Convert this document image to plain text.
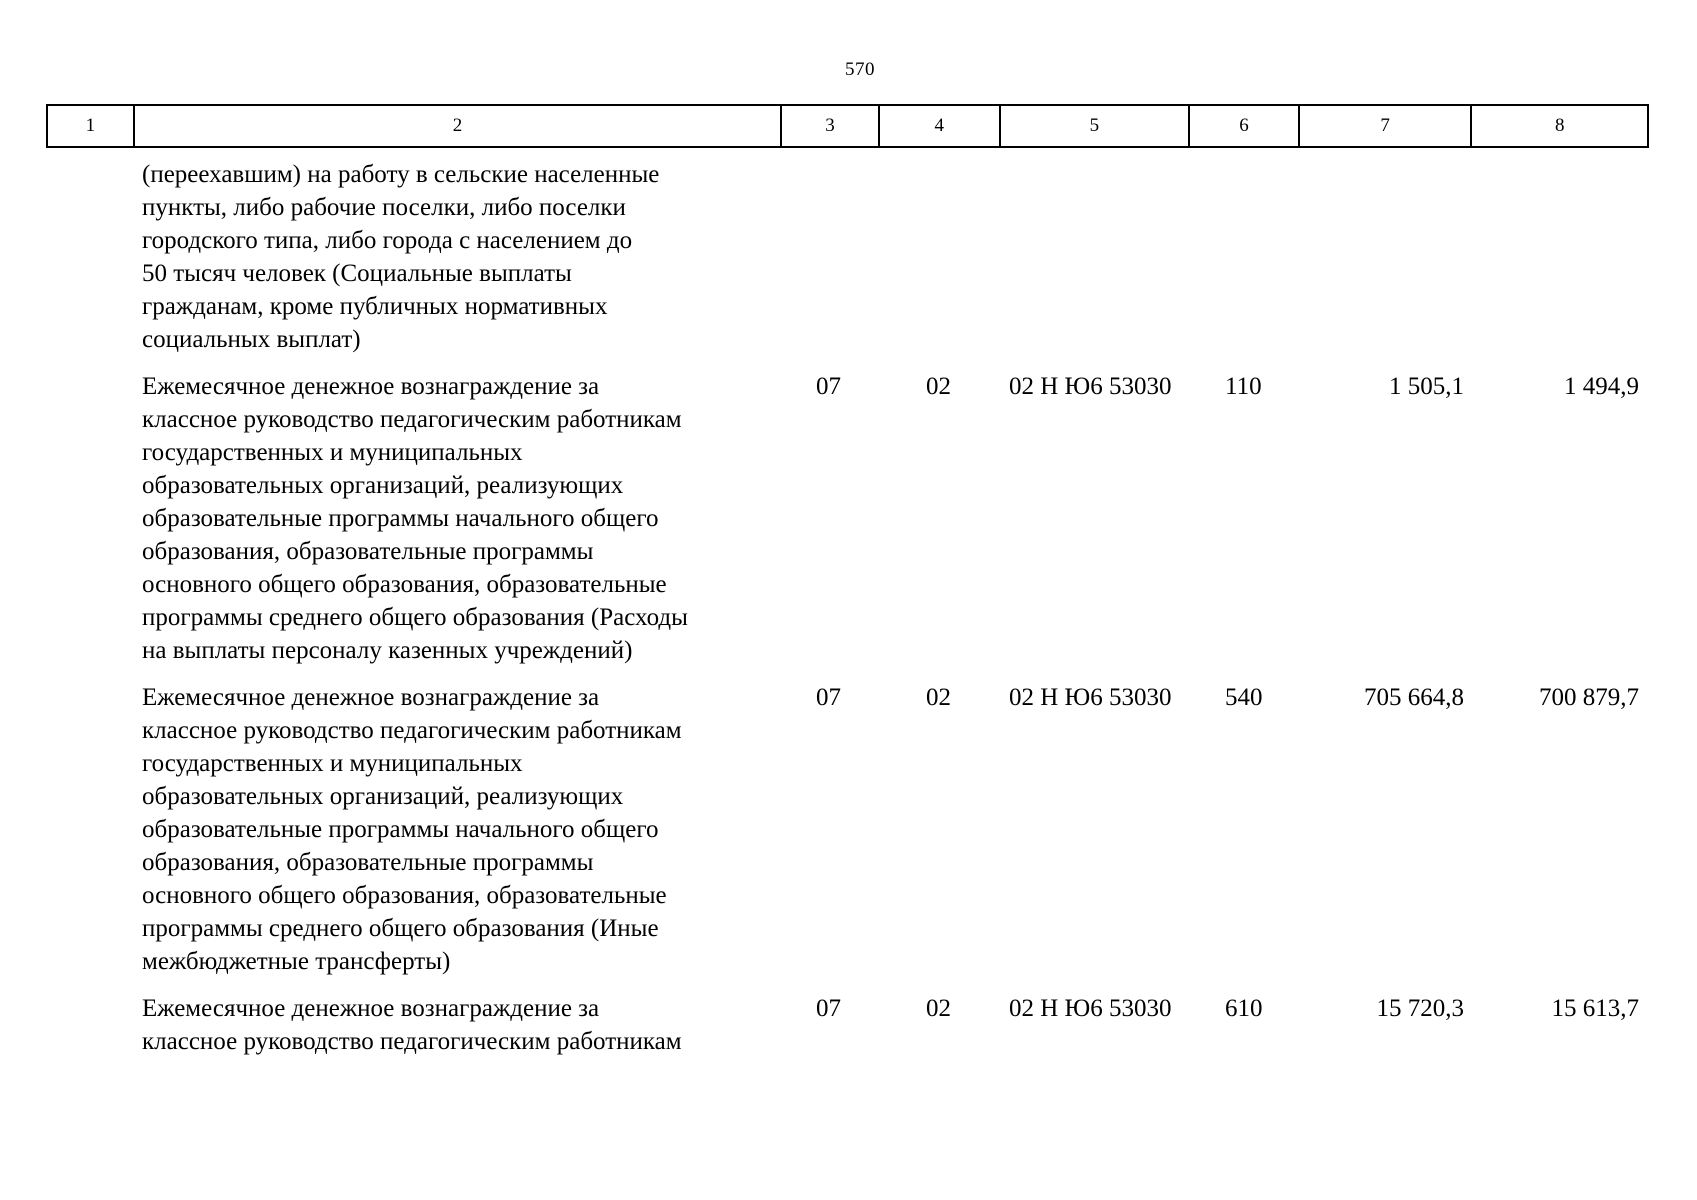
570
1	2	3	4	5	6	7	8
(переехавшим) на работу в сельские населенные
пункты, либо рабочие поселки, либо поселки
городского типа, либо города с населением до
50 тысяч человек (Социальные выплаты
гражданам, кроме публичных нормативных
социальных выплат)
Ежемесячное денежное вознаграждение за
классное руководство педагогическим работникам
государственных и муниципальных
образовательных организаций, реализующих
образовательные программы начального общего
образования, образовательные программы
основного общего образования, образовательные
программы среднего общего образования (Расходы
на выплаты персоналу казенных учреждений)
07	02	02 Н Ю6 53030	110	1 505,1	1 494,9
Ежемесячное денежное вознаграждение за
классное руководство педагогическим работникам
государственных и муниципальных
образовательных организаций, реализующих
образовательные программы начального общего
образования, образовательные программы
основного общего образования, образовательные
программы среднего общего образования (Иные
межбюджетные трансферты)
07	02	02 Н Ю6 53030	540	705 664,8	700 879,7
Ежемесячное денежное вознаграждение за
классное руководство педагогическим работникам
07	02	02 Н Ю6 53030	610	15 720,3	15 613,7
